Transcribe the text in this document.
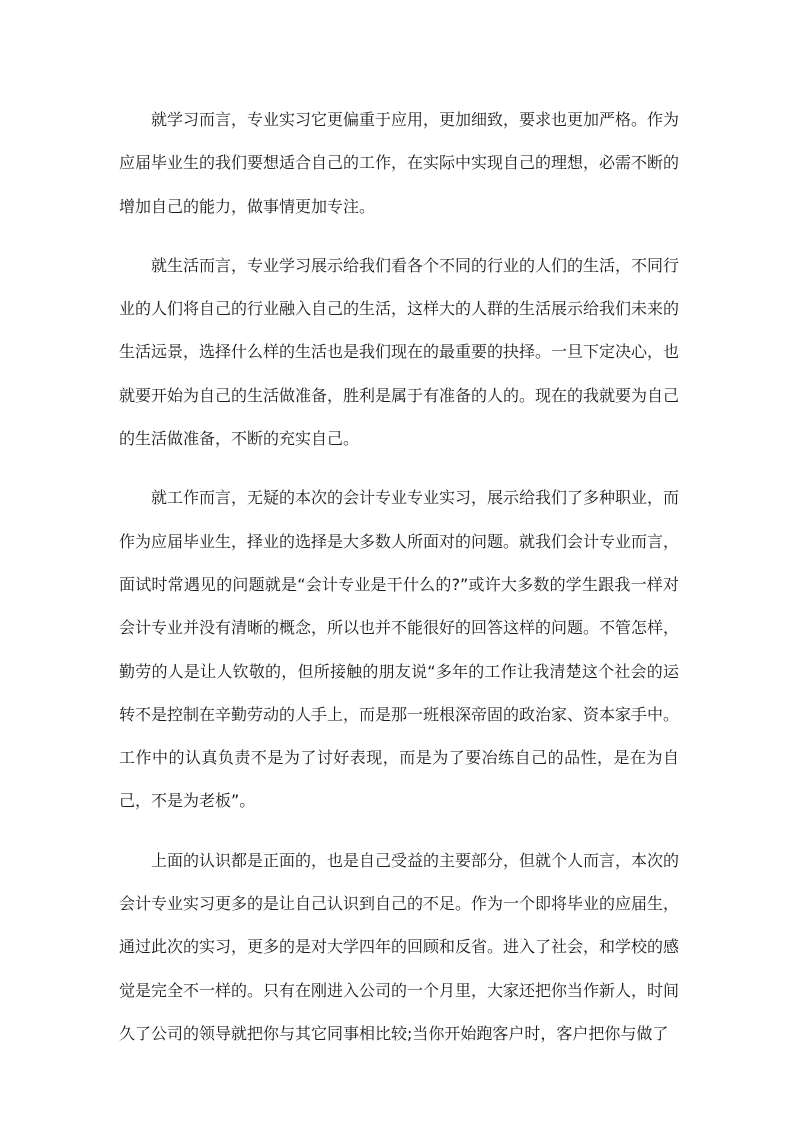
就学习而言，专业实习它更偏重于应用，更加细致，要求也更加严格。作为应届毕业生的我们要想适合自己的工作，在实际中实现自己的理想，必需不断的增加自己的能力，做事情更加专注。

就生活而言，专业学习展示给我们看各个不同的行业的人们的生活，不同行业的人们将自己的行业融入自己的生活，这样大的人群的生活展示给我们未来的生活远景，选择什么样的生活也是我们现在的最重要的抉择。一旦下定决心，也就要开始为自己的生活做准备，胜利是属于有准备的人的。现在的我就要为自己的生活做准备，不断的充实自己。

就工作而言，无疑的本次的会计专业专业实习，展示给我们了多种职业，而作为应届毕业生，择业的选择是大多数人所面对的问题。就我们会计专业而言，面试时常遇见的问题就是“会计专业是干什么的?”或许大多数的学生跟我一样对会计专业并没有清晰的概念，所以也并不能很好的回答这样的问题。不管怎样，勤劳的人是让人钦敬的，但所接触的朋友说“多年的工作让我清楚这个社会的运转不是控制在辛勤劳动的人手上，而是那一班根深帝固的政治家、资本家手中。工作中的认真负责不是为了讨好表现，而是为了要冶练自己的品性，是在为自己，不是为老板”。

上面的认识都是正面的，也是自己受益的主要部分，但就个人而言，本次的会计专业实习更多的是让自己认识到自己的不足。作为一个即将毕业的应届生，通过此次的实习，更多的是对大学四年的回顾和反省。进入了社会，和学校的感觉是完全不一样的。只有在刚进入公司的一个月里，大家还把你当作新人，时间久了公司的领导就把你与其它同事相比较;当你开始跑客户时，客户把你与做了
